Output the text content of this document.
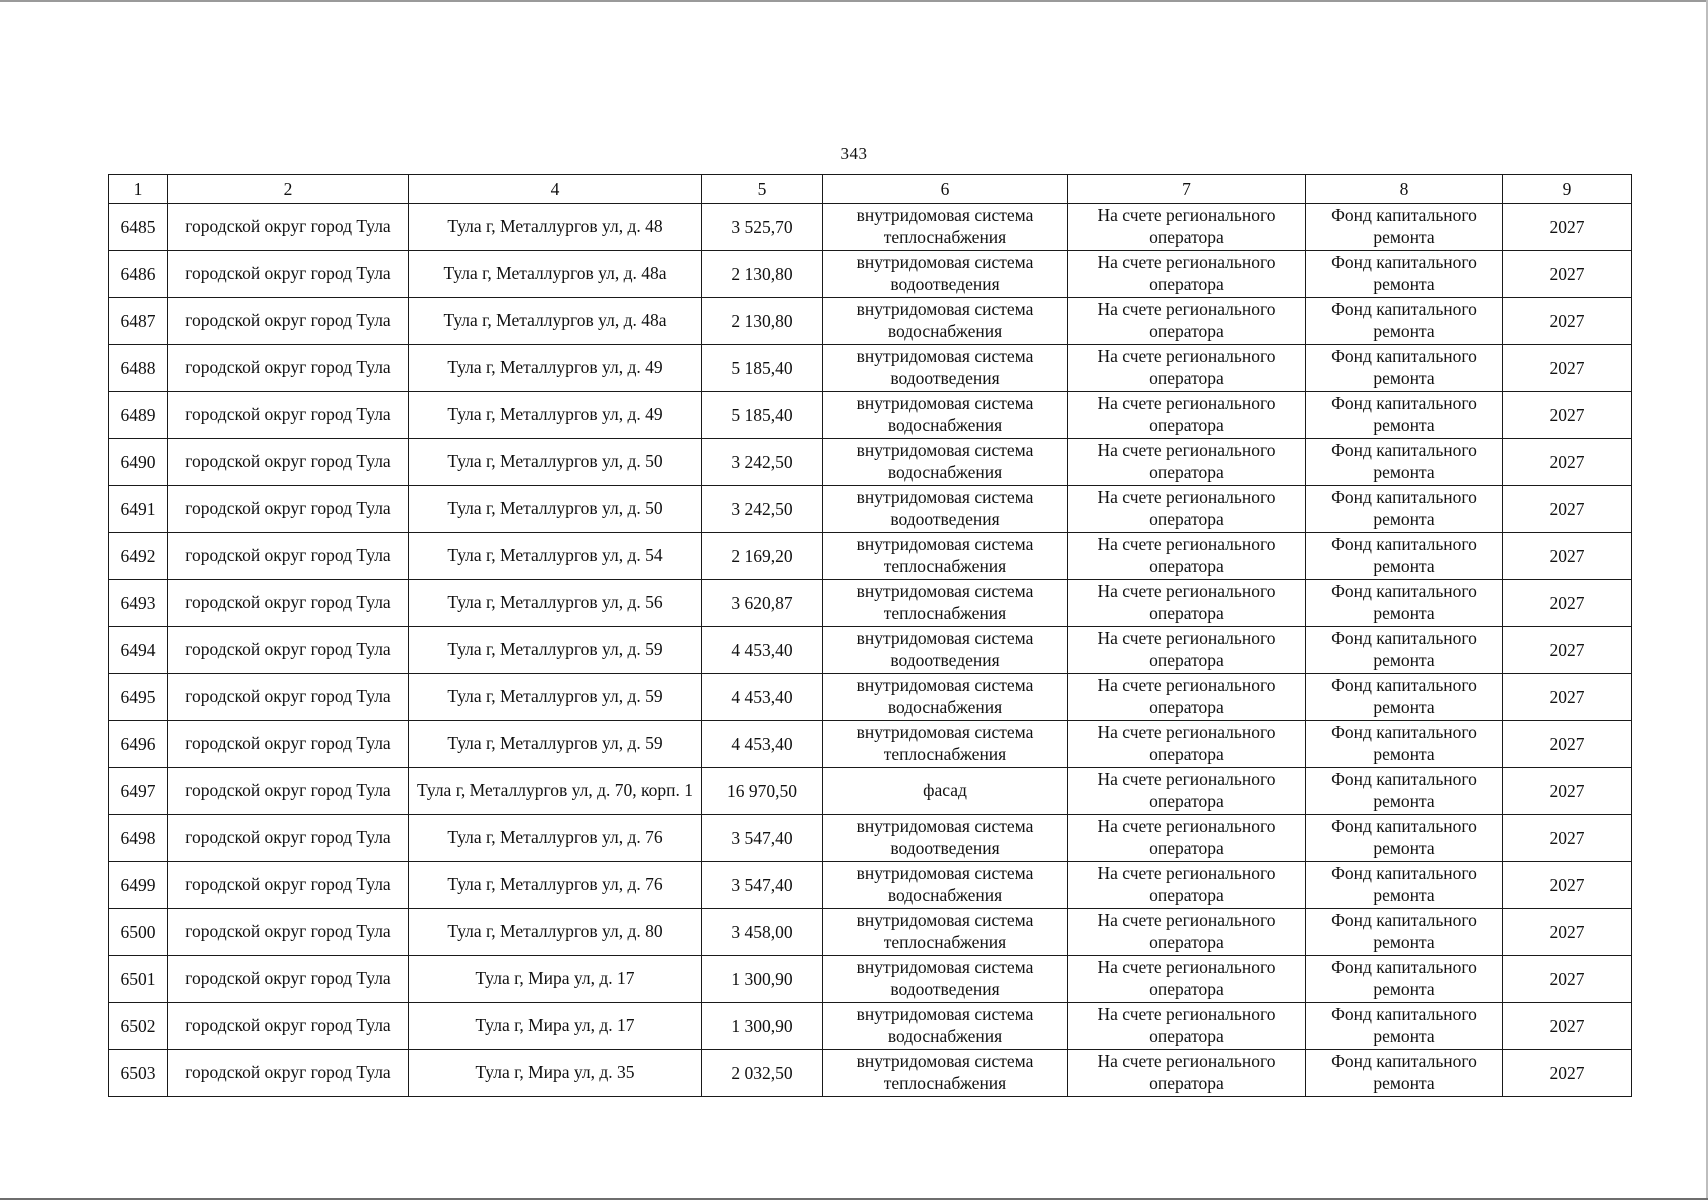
343
1	2	4	5	6	7	8	9
6485	городской округ город Тула	Тула г, Металлургов ул, д. 48	3 525,70	внутридомовая система теплоснабжения	На счете регионального оператора	Фонд капитального ремонта	2027
6486	городской округ город Тула	Тула г, Металлургов ул, д. 48а	2 130,80	внутридомовая система водоотведения	На счете регионального оператора	Фонд капитального ремонта	2027
6487	городской округ город Тула	Тула г, Металлургов ул, д. 48а	2 130,80	внутридомовая система водоснабжения	На счете регионального оператора	Фонд капитального ремонта	2027
6488	городской округ город Тула	Тула г, Металлургов ул, д. 49	5 185,40	внутридомовая система водоотведения	На счете регионального оператора	Фонд капитального ремонта	2027
6489	городской округ город Тула	Тула г, Металлургов ул, д. 49	5 185,40	внутридомовая система водоснабжения	На счете регионального оператора	Фонд капитального ремонта	2027
6490	городской округ город Тула	Тула г, Металлургов ул, д. 50	3 242,50	внутридомовая система водоснабжения	На счете регионального оператора	Фонд капитального ремонта	2027
6491	городской округ город Тула	Тула г, Металлургов ул, д. 50	3 242,50	внутридомовая система водоотведения	На счете регионального оператора	Фонд капитального ремонта	2027
6492	городской округ город Тула	Тула г, Металлургов ул, д. 54	2 169,20	внутридомовая система теплоснабжения	На счете регионального оператора	Фонд капитального ремонта	2027
6493	городской округ город Тула	Тула г, Металлургов ул, д. 56	3 620,87	внутридомовая система теплоснабжения	На счете регионального оператора	Фонд капитального ремонта	2027
6494	городской округ город Тула	Тула г, Металлургов ул, д. 59	4 453,40	внутридомовая система водоотведения	На счете регионального оператора	Фонд капитального ремонта	2027
6495	городской округ город Тула	Тула г, Металлургов ул, д. 59	4 453,40	внутридомовая система водоснабжения	На счете регионального оператора	Фонд капитального ремонта	2027
6496	городской округ город Тула	Тула г, Металлургов ул, д. 59	4 453,40	внутридомовая система теплоснабжения	На счете регионального оператора	Фонд капитального ремонта	2027
6497	городской округ город Тула	Тула г, Металлургов ул, д. 70, корп. 1	16 970,50	фасад	На счете регионального оператора	Фонд капитального ремонта	2027
6498	городской округ город Тула	Тула г, Металлургов ул, д. 76	3 547,40	внутридомовая система водоотведения	На счете регионального оператора	Фонд капитального ремонта	2027
6499	городской округ город Тула	Тула г, Металлургов ул, д. 76	3 547,40	внутридомовая система водоснабжения	На счете регионального оператора	Фонд капитального ремонта	2027
6500	городской округ город Тула	Тула г, Металлургов ул, д. 80	3 458,00	внутридомовая система теплоснабжения	На счете регионального оператора	Фонд капитального ремонта	2027
6501	городской округ город Тула	Тула г, Мира ул, д. 17	1 300,90	внутридомовая система водоотведения	На счете регионального оператора	Фонд капитального ремонта	2027
6502	городской округ город Тула	Тула г, Мира ул, д. 17	1 300,90	внутридомовая система водоснабжения	На счете регионального оператора	Фонд капитального ремонта	2027
6503	городской округ город Тула	Тула г, Мира ул, д. 35	2 032,50	внутридомовая система теплоснабжения	На счете регионального оператора	Фонд капитального ремонта	2027
